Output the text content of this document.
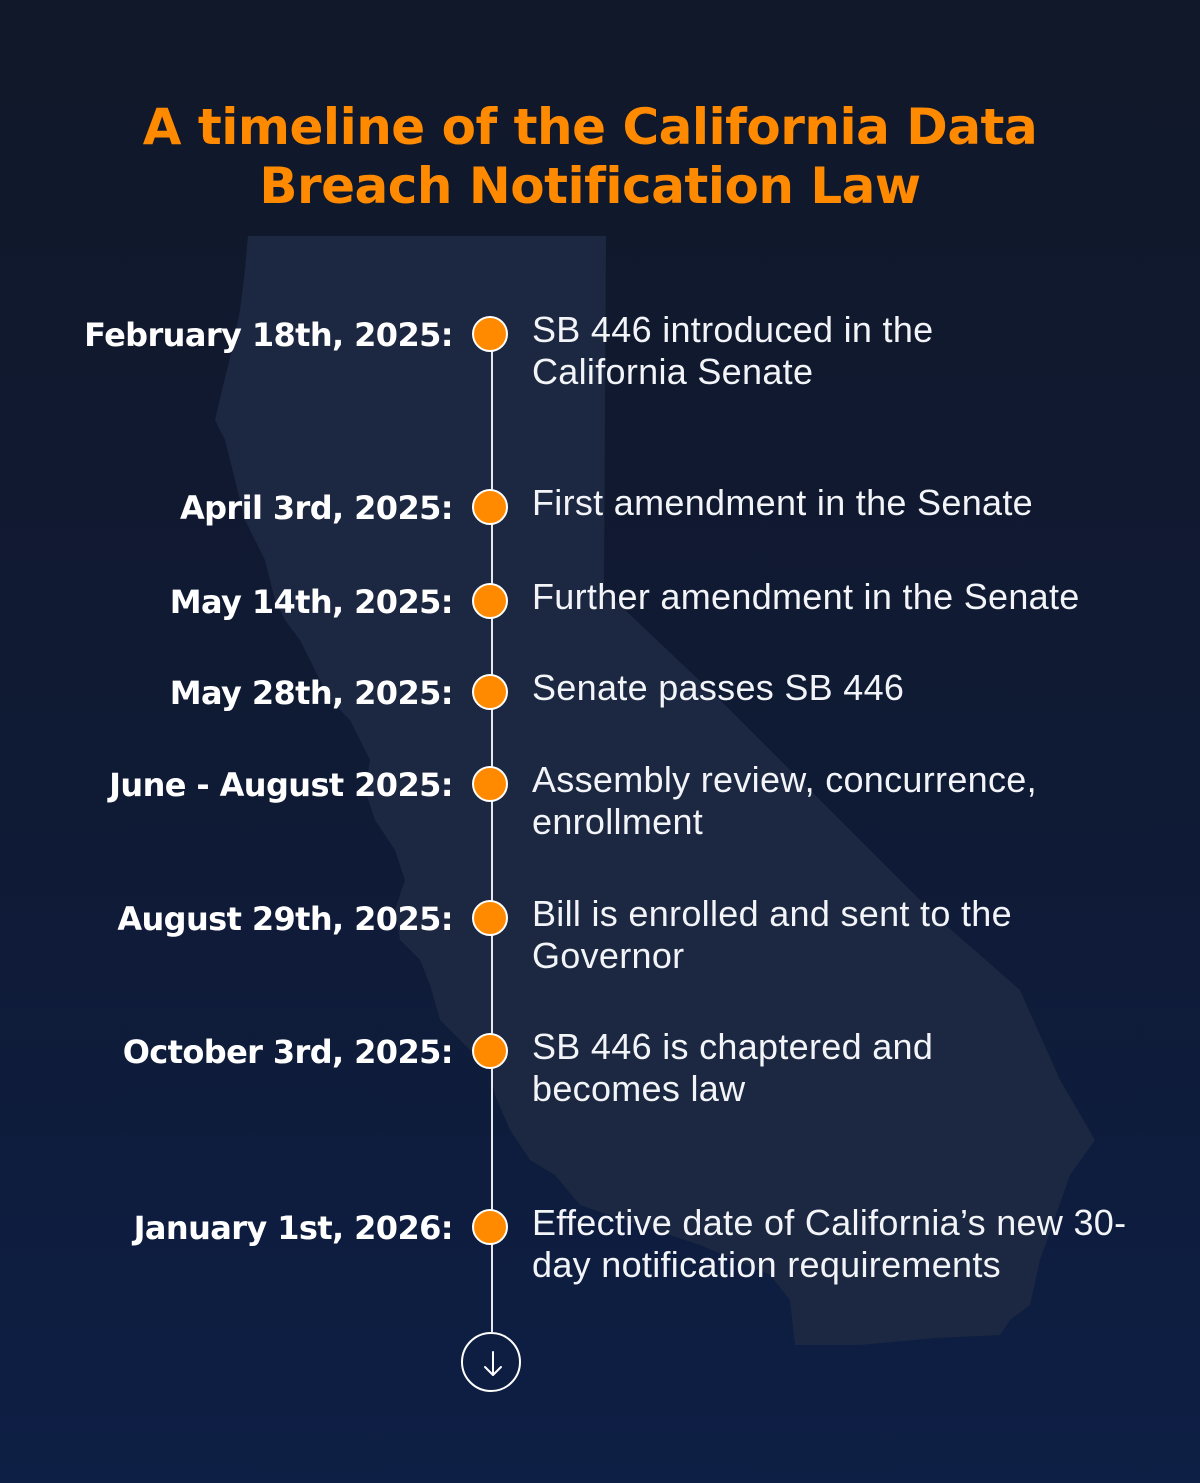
A timeline of the California Data Breach Notification Law
February 18th, 2025: SB 446 introduced in the California Senate
April 3rd, 2025: First amendment in the Senate
May 14th, 2025: Further amendment in the Senate
May 28th, 2025: Senate passes SB 446
June - August 2025: Assembly review, concurrence, enrollment
August 29th, 2025: Bill is enrolled and sent to the Governor
October 3rd, 2025: SB 446 is chaptered and becomes law
January 1st, 2026: Effective date of California’s new 30-day notification requirements
